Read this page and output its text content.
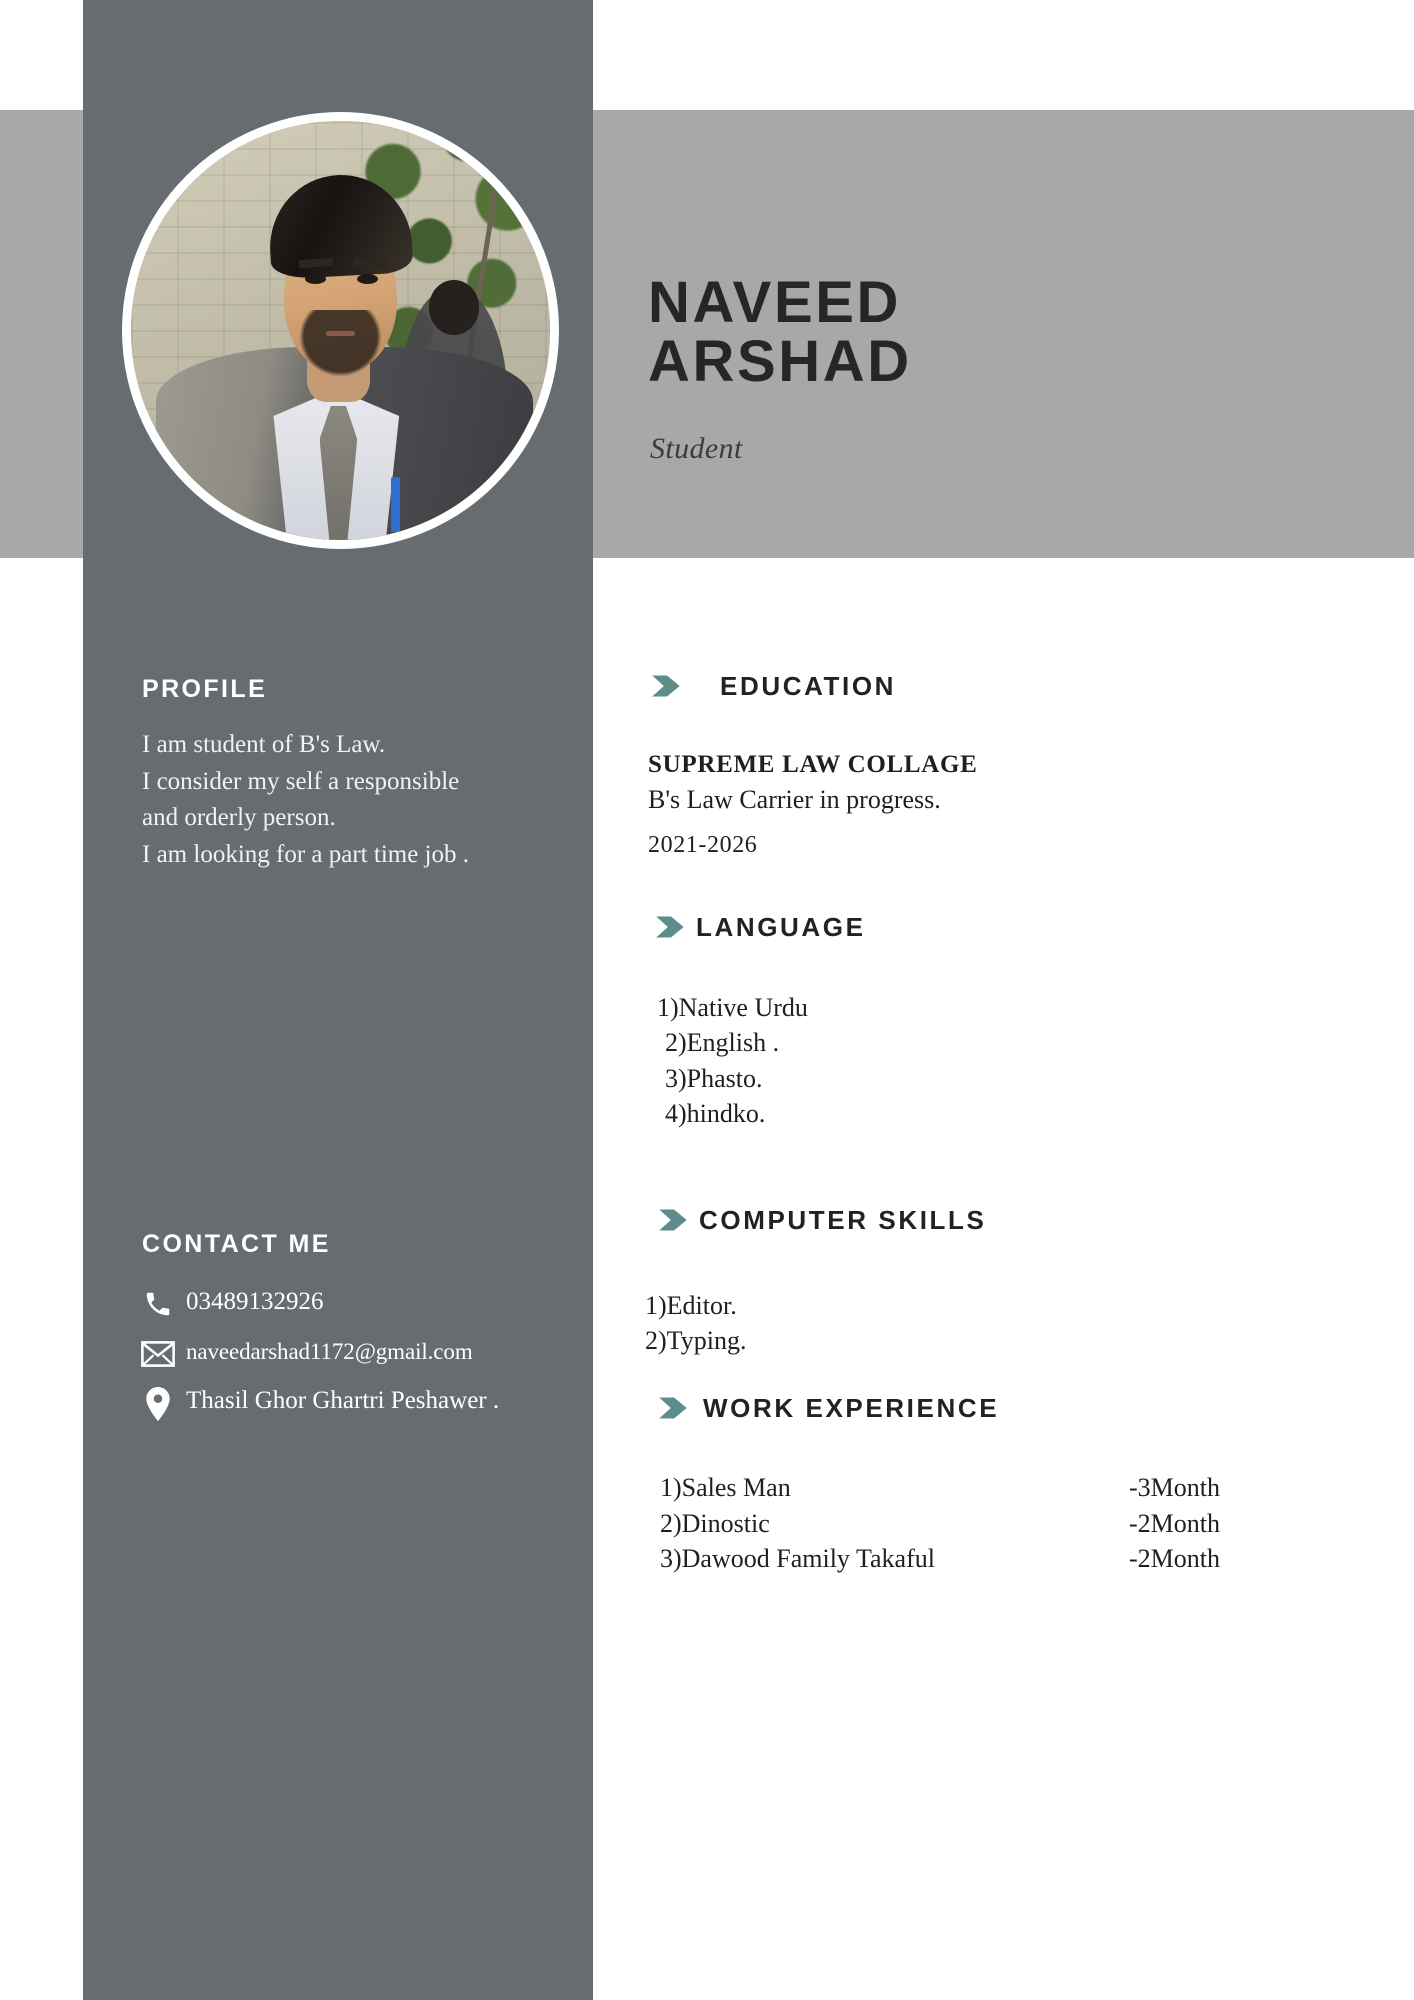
NAVEED
ARSHAD
Student
PROFILE

I am student of B's Law.

I consider my self a responsible and orderly person.

I am looking for a part time job .

CONTACT ME
03489132926
naveedarshad1172@gmail.com
Thasil Ghor Ghartri Peshawer .
EDUCATION
SUPREME LAW COLLAGE
B's Law Carrier in progress.
2021-2026
LANGUAGE
1)Native Urdu
2)English .
3)Phasto.
4)hindko.
COMPUTER SKILLS
1)Editor.
2)Typing.
WORK EXPERIENCE
1)Sales Man	-3Month
2)Dinostic	-2Month
3)Dawood Family Takaful	-2Month
